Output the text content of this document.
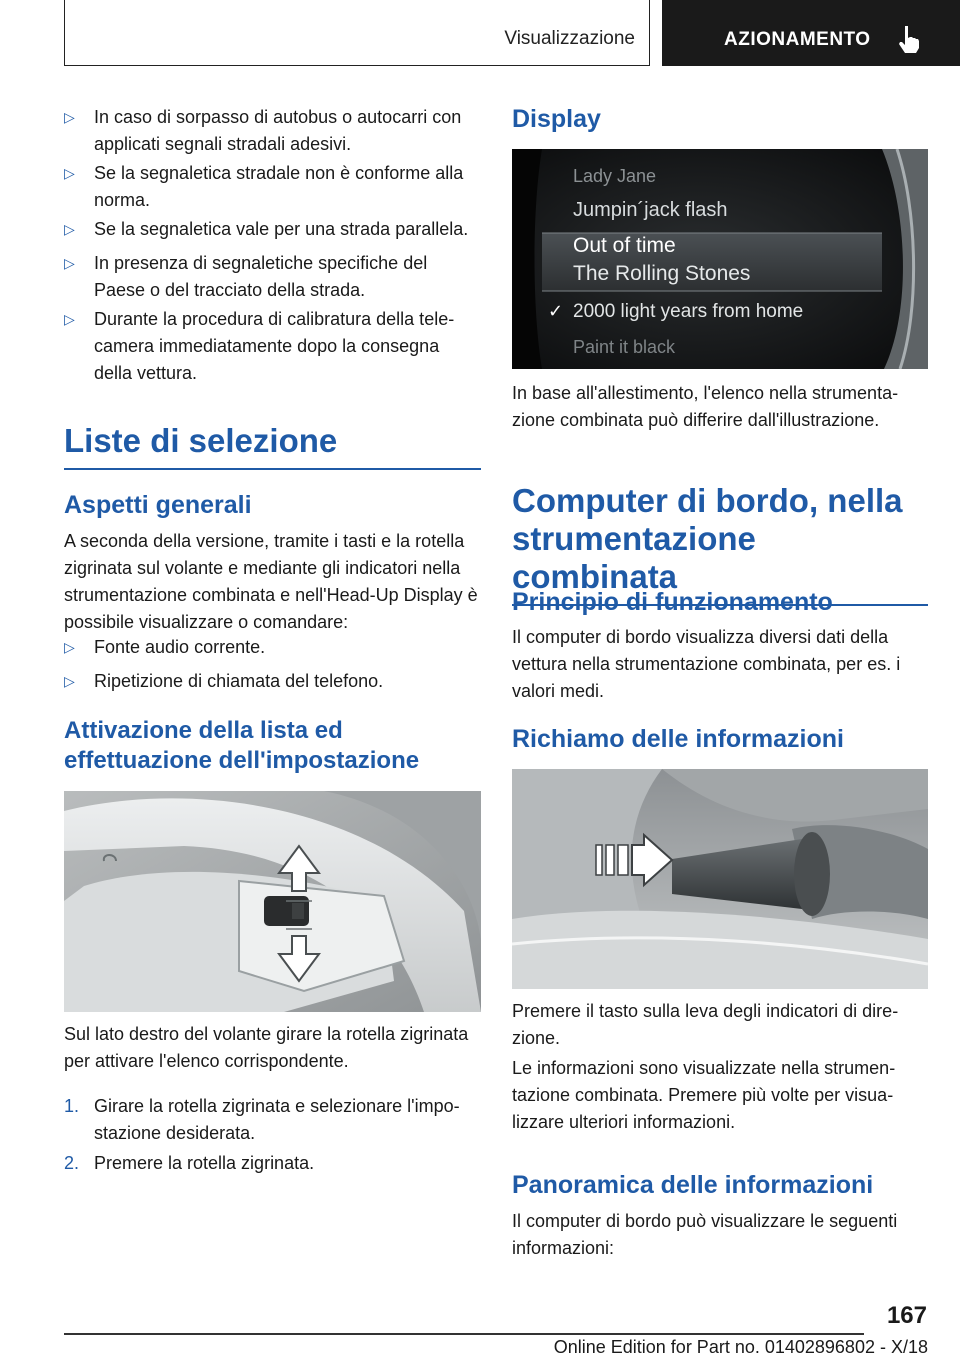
Visualizzazione	AZIONAMENTO
▷	In caso di sorpasso di autobus o autocarri con applicati segnali stradali adesivi.
▷	Se la segnaletica stradale non è conforme alla norma.
▷	Se la segnaletica vale per una strada parallela.
▷	In presenza di segnaletiche specifiche del Paese o del tracciato della strada.
▷	Durante la procedura di calibratura della telecamera immediatamente dopo la consegna della vettura.
Liste di selezione
Aspetti generali
A seconda della versione, tramite i tasti e la rotella zigrinata sul volante e mediante gli indicatori nella strumentazione combinata e nell'Head-Up Display è possibile visualizzare o comandare:
▷	Fonte audio corrente.
▷	Ripetizione di chiamata del telefono.
Attivazione della lista ed effettuazione dell'impostazione
Sul lato destro del volante girare la rotella zigrinata per attivare l'elenco corrispondente.
1. Girare la rotella zigrinata e selezionare l'impostazione desiderata.
2. Premere la rotella zigrinata.
Display
Lady Jane
Jumpin´jack flash
Out of time
The Rolling Stones
✓ 2000 light years from home
Paint it black
In base all'allestimento, l'elenco nella strumentazione combinata può differire dall'illustrazione.
Computer di bordo, nella strumentazione combinata
Principio di funzionamento
Il computer di bordo visualizza diversi dati della vettura nella strumentazione combinata, per es. i valori medi.
Richiamo delle informazioni
Premere il tasto sulla leva degli indicatori di direzione.
Le informazioni sono visualizzate nella strumentazione combinata. Premere più volte per visualizzare ulteriori informazioni.
Panoramica delle informazioni
Il computer di bordo può visualizzare le seguenti informazioni:
167
Online Edition for Part no. 01402896802 - X/18
